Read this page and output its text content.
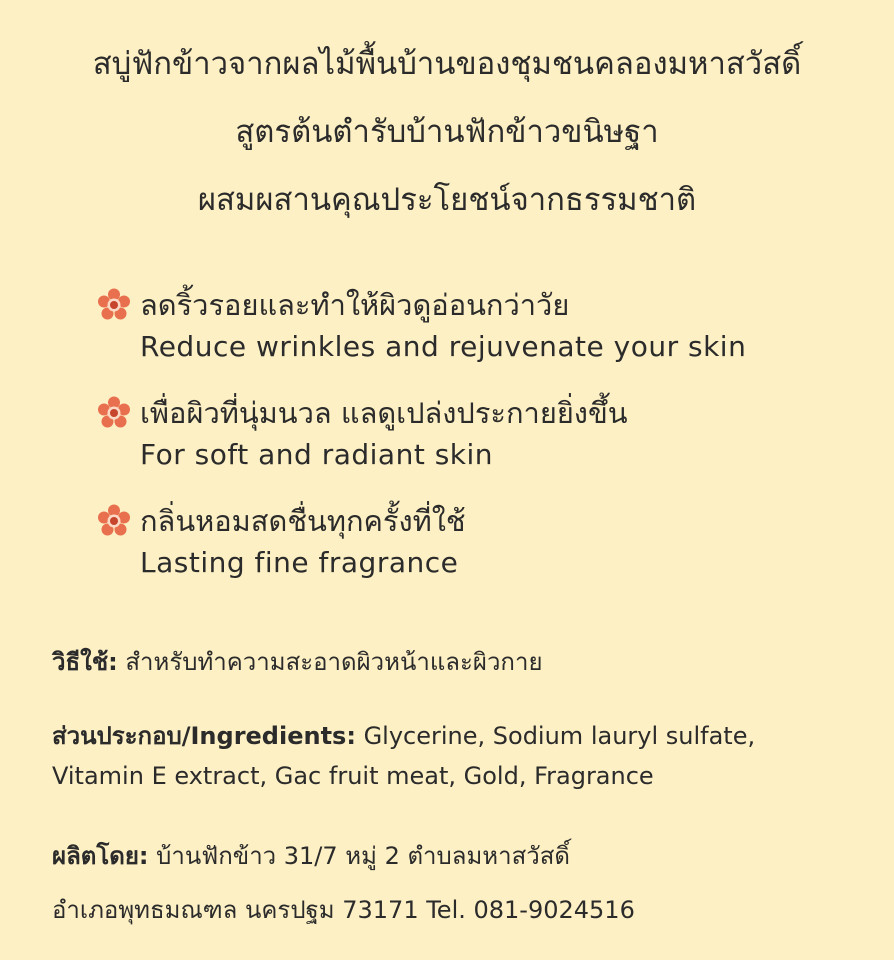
สบู่ฟักข้าวจากผลไม้พื้นบ้านของชุมชนคลองมหาสวัสดิ์
สูตรต้นตำรับบ้านฟักข้าวขนิษฐา
ผสมผสานคุณประโยชน์จากธรรมชาติ
ลดริ้วรอยและทำให้ผิวดูอ่อนกว่าวัย
Reduce wrinkles and rejuvenate your skin
เพื่อผิวที่นุ่มนวล แลดูเปล่งประกายยิ่งขึ้น
For soft and radiant skin
กลิ่นหอมสดชื่นทุกครั้งที่ใช้
Lasting fine fragrance
วิธีใช้: สำหรับทำความสะอาดผิวหน้าและผิวกาย
ส่วนประกอบ/Ingredients: Glycerine, Sodium lauryl sulfate,
Vitamin E extract, Gac fruit meat, Gold, Fragrance
ผลิตโดย: บ้านฟักข้าว 31/7 หมู่ 2 ตำบลมหาสวัสดิ์
อำเภอพุทธมณฑล นครปฐม 73171 Tel. 081-9024516
